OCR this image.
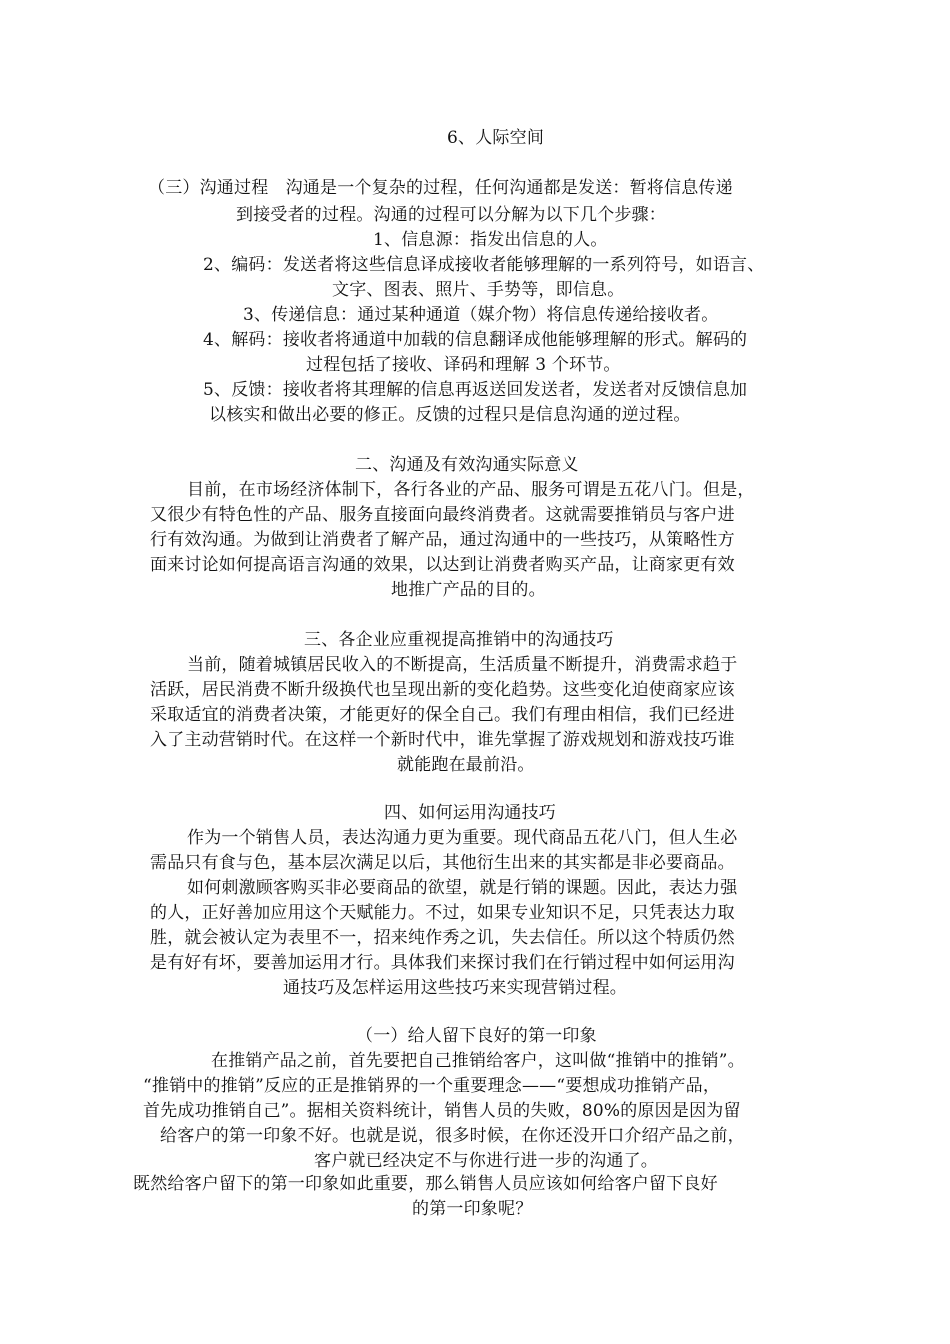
6、人际空间
（三）沟通过程　沟通是一个复杂的过程，任何沟通都是发送：暂将信息传递
到接受者的过程。沟通的过程可以分解为以下几个步骤：
1、信息源：指发出信息的人。
2、编码：发送者将这些信息译成接收者能够理解的一系列符号，如语言、
文字、图表、照片、手势等，即信息。
3、传递信息：通过某种通道（媒介物）将信息传递给接收者。
4、解码：接收者将通道中加载的信息翻译成他能够理解的形式。解码的
过程包括了接收、译码和理解 3 个环节。
5、反馈：接收者将其理解的信息再返送回发送者，发送者对反馈信息加
以核实和做出必要的修正。反馈的过程只是信息沟通的逆过程。
二、沟通及有效沟通实际意义
目前，在市场经济体制下，各行各业的产品、服务可谓是五花八门。但是，
又很少有特色性的产品、服务直接面向最终消费者。这就需要推销员与客户进
行有效沟通。为做到让消费者了解产品，通过沟通中的一些技巧，从策略性方
面来讨论如何提高语言沟通的效果，以达到让消费者购买产品，让商家更有效
地推广产品的目的。
三、各企业应重视提高推销中的沟通技巧
当前，随着城镇居民收入的不断提高，生活质量不断提升，消费需求趋于
活跃，居民消费不断升级换代也呈现出新的变化趋势。这些变化迫使商家应该
采取适宜的消费者决策，才能更好的保全自己。我们有理由相信，我们已经进
入了主动营销时代。在这样一个新时代中，谁先掌握了游戏规划和游戏技巧谁
就能跑在最前沿。
四、如何运用沟通技巧
作为一个销售人员，表达沟通力更为重要。现代商品五花八门，但人生必
需品只有食与色，基本层次满足以后，其他衍生出来的其实都是非必要商品。
如何刺激顾客购买非必要商品的欲望，就是行销的课题。因此，表达力强
的人，正好善加应用这个天赋能力。不过，如果专业知识不足，只凭表达力取
胜，就会被认定为表里不一，招来纯作秀之讥，失去信任。所以这个特质仍然
是有好有坏，要善加运用才行。具体我们来探讨我们在行销过程中如何运用沟
通技巧及怎样运用这些技巧来实现营销过程。
（一）给人留下良好的第一印象
在推销产品之前，首先要把自己推销给客户，这叫做“推销中的推销”。
“推销中的推销”反应的正是推销界的一个重要理念——“要想成功推销产品，
首先成功推销自己”。据相关资料统计，销售人员的失败，80%的原因是因为留
给客户的第一印象不好。也就是说，很多时候，在你还没开口介绍产品之前，
客户就已经决定不与你进行进一步的沟通了。
既然给客户留下的第一印象如此重要，那么销售人员应该如何给客户留下良好
的第一印象呢？
